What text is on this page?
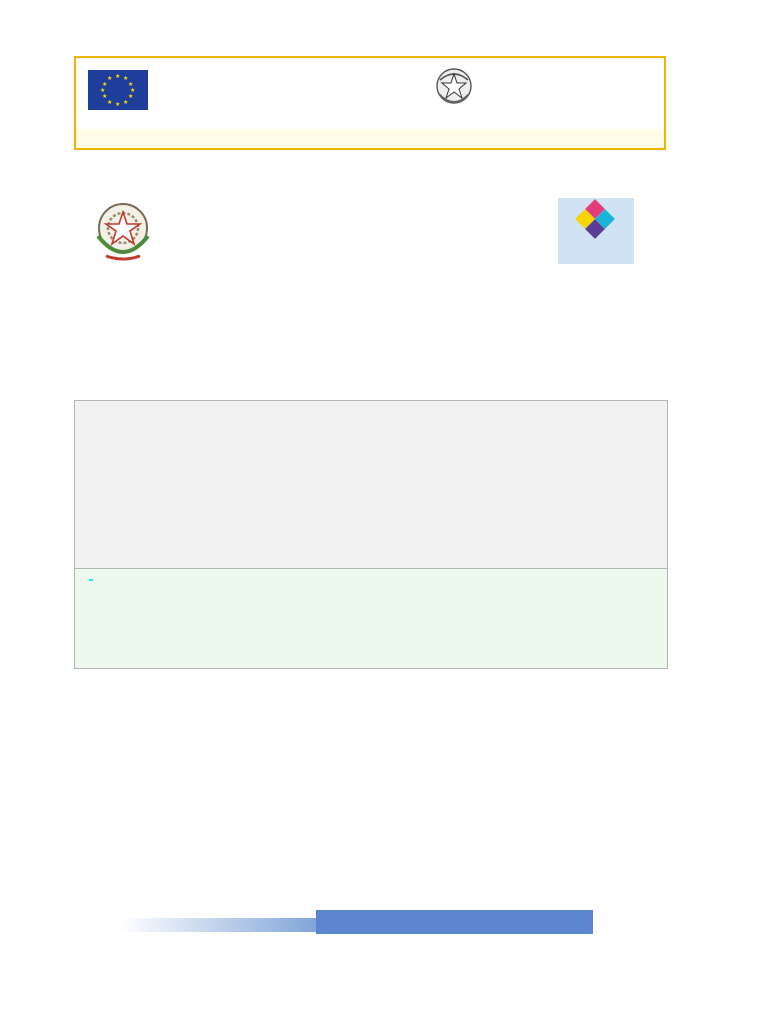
★ ★
★
★
★
★
★
★
★
★
★
★
